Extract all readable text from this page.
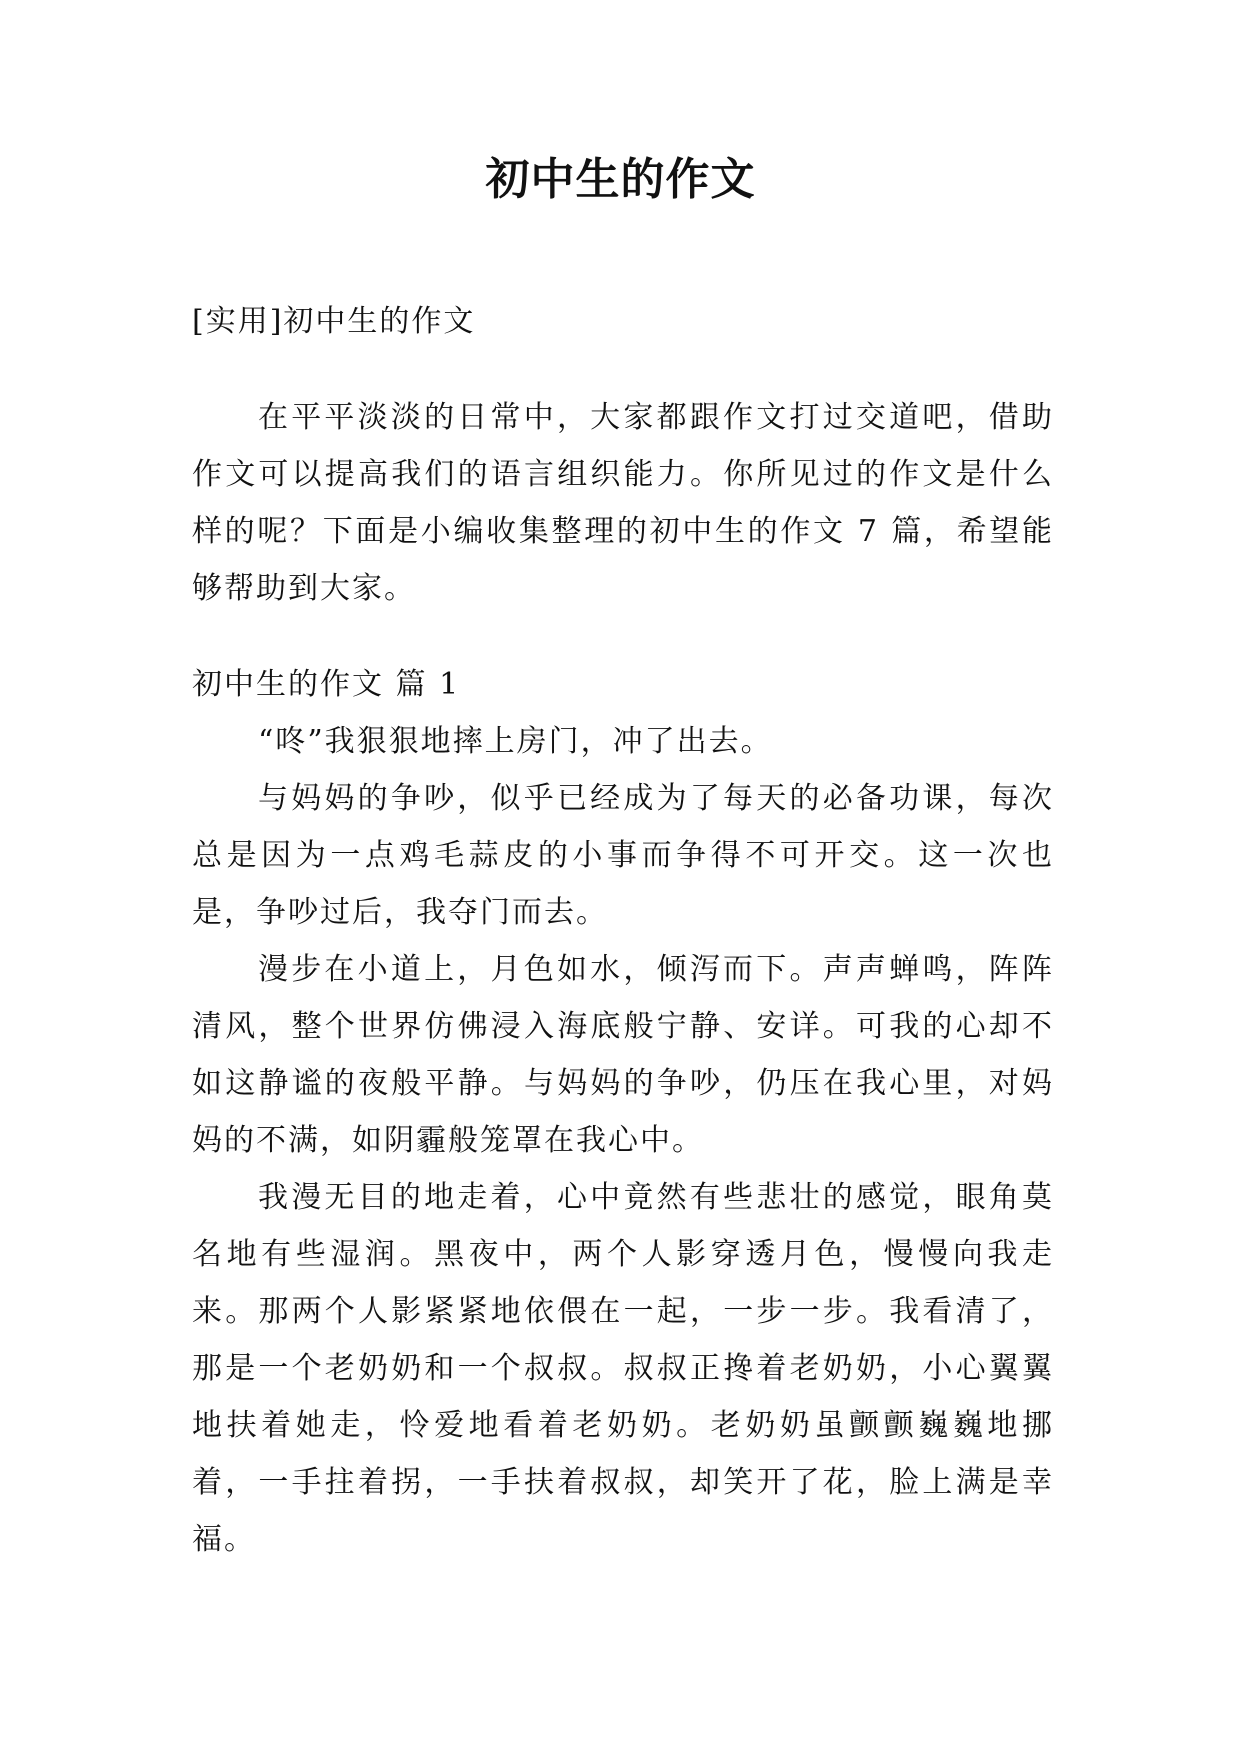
初中生的作文

[实用]初中生的作文

在平平淡淡的日常中，大家都跟作文打过交道吧，借助作文可以提高我们的语言组织能力。你所见过的作文是什么样的呢？下面是小编收集整理的初中生的作文 7 篇，希望能够帮助到大家。

初中生的作文 篇 1

“咚”我狠狠地摔上房门，冲了出去。

与妈妈的争吵，似乎已经成为了每天的必备功课，每次总是因为一点鸡毛蒜皮的小事而争得不可开交。这一次也是，争吵过后，我夺门而去。

漫步在小道上，月色如水，倾泻而下。声声蝉鸣，阵阵清风，整个世界仿佛浸入海底般宁静、安详。可我的心却不如这静谧的夜般平静。与妈妈的争吵，仍压在我心里，对妈妈的不满，如阴霾般笼罩在我心中。

我漫无目的地走着，心中竟然有些悲壮的感觉，眼角莫名地有些湿润。黑夜中，两个人影穿透月色，慢慢向我走来。那两个人影紧紧地依偎在一起，一步一步。我看清了，那是一个老奶奶和一个叔叔。叔叔正搀着老奶奶，小心翼翼地扶着她走，怜爱地看着老奶奶。老奶奶虽颤颤巍巍地挪着，一手拄着拐，一手扶着叔叔，却笑开了花，脸上满是幸福。
